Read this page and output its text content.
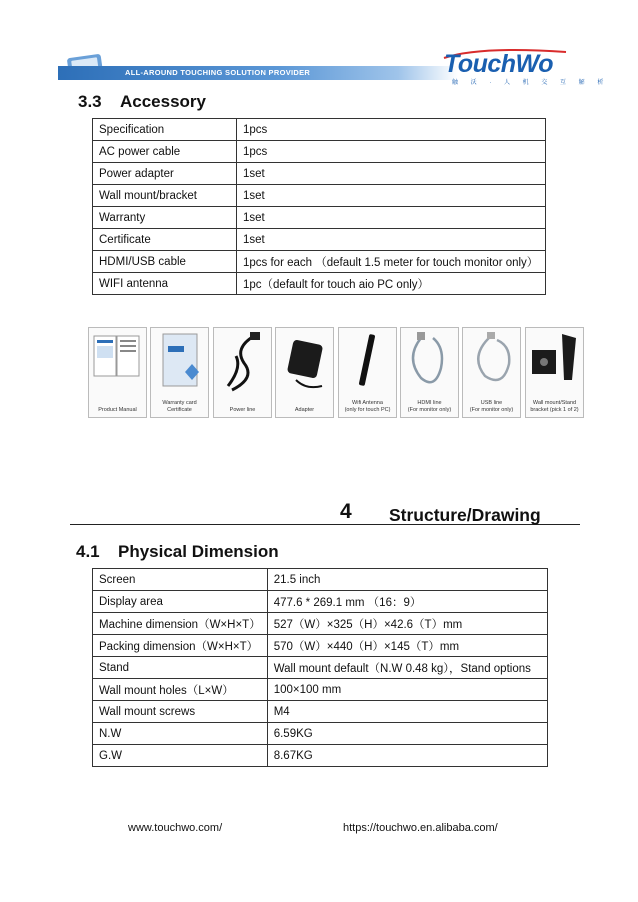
ALL-AROUND TOUCHING SOLUTION PROVIDER	TouchWo
触 沃 · 人 机 交 互 解 析
3.3 Accessory
Specification	1pcs
AC power cable	1pcs
Power adapter	1set
Wall mount/bracket	1set
Warranty	1set
Certificate	1set
HDMI/USB cable	1pcs for each （default 1.5 meter for touch monitor only）
WIFI antenna	1pc（default for touch aio PC only）
Product Manual
Warranty card
Certificate	Power line	Adapter
Wifi Antenna
(only for touch PC)
HDMI line
(For monitor only)
USB line
(For monitor only)
Wall mount/Stand
bracket (pick 1 of 2)
4 Structure/Drawing
4.1 Physical Dimension
Screen	21.5 inch
Display area	477.6 * 269.1 mm （16：9）
Machine dimension（W×H×T）	527（W）×325（H）×42.6（T）mm
Packing dimension（W×H×T）	570（W）×440（H）×145（T）mm
Stand	Wall mount default（N.W 0.48 kg），Stand options
Wall mount holes（L×W）	100×100 mm
Wall mount screws	M4
N.W	6.59KG
G.W	8.67KG
www.touchwo.com/	https://touchwo.en.alibaba.com/
